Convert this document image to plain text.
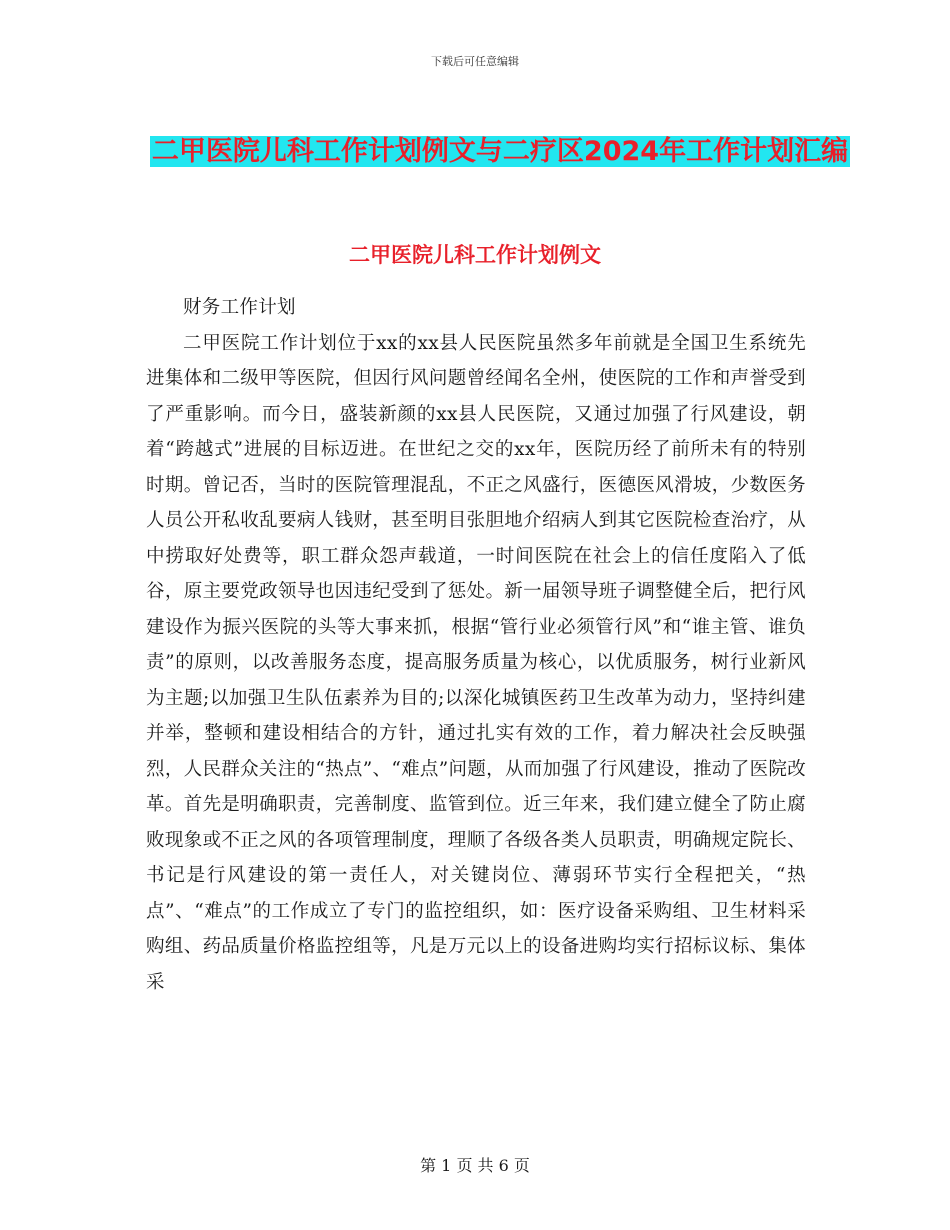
下载后可任意编辑
二甲医院儿科工作计划例文与二疗区2024年工作计划汇编
二甲医院儿科工作计划例文

财务工作计划

二甲医院工作计划位于xx的xx县人民医院虽然多年前就是全国卫生系统先进集体和二级甲等医院，但因行风问题曾经闻名全州，使医院的工作和声誉受到了严重影响。而今日，盛装新颜的xx县人民医院，又通过加强了行风建设，朝着“跨越式”进展的目标迈进。在世纪之交的xx年，医院历经了前所未有的特别时期。曾记否，当时的医院管理混乱，不正之风盛行，医德医风滑坡，少数医务人员公开私收乱要病人钱财，甚至明目张胆地介绍病人到其它医院检查治疗，从中捞取好处费等，职工群众怨声载道，一时间医院在社会上的信任度陷入了低谷，原主要党政领导也因违纪受到了惩处。新一届领导班子调整健全后，把行风建设作为振兴医院的头等大事来抓，根据“管行业必须管行风”和“谁主管、谁负责”的原则，以改善服务态度，提高服务质量为核心，以优质服务，树行业新风为主题;以加强卫生队伍素养为目的;以深化城镇医药卫生改革为动力，坚持纠建并举，整顿和建设相结合的方针，通过扎实有效的工作，着力解决社会反映强烈，人民群众关注的“热点”、“难点”问题，从而加强了行风建设，推动了医院改革。首先是明确职责，完善制度、监管到位。近三年来，我们建立健全了防止腐败现象或不正之风的各项管理制度，理顺了各级各类人员职责，明确规定院长、书记是行风建设的第一责任人，对关键岗位、薄弱环节实行全程把关，“热点”、“难点”的工作成立了专门的监控组织，如：医疗设备采购组、卫生材料采购组、药品质量价格监控组等，凡是万元以上的设备进购均实行招标议标、集体采

第 1 页 共 6 页
